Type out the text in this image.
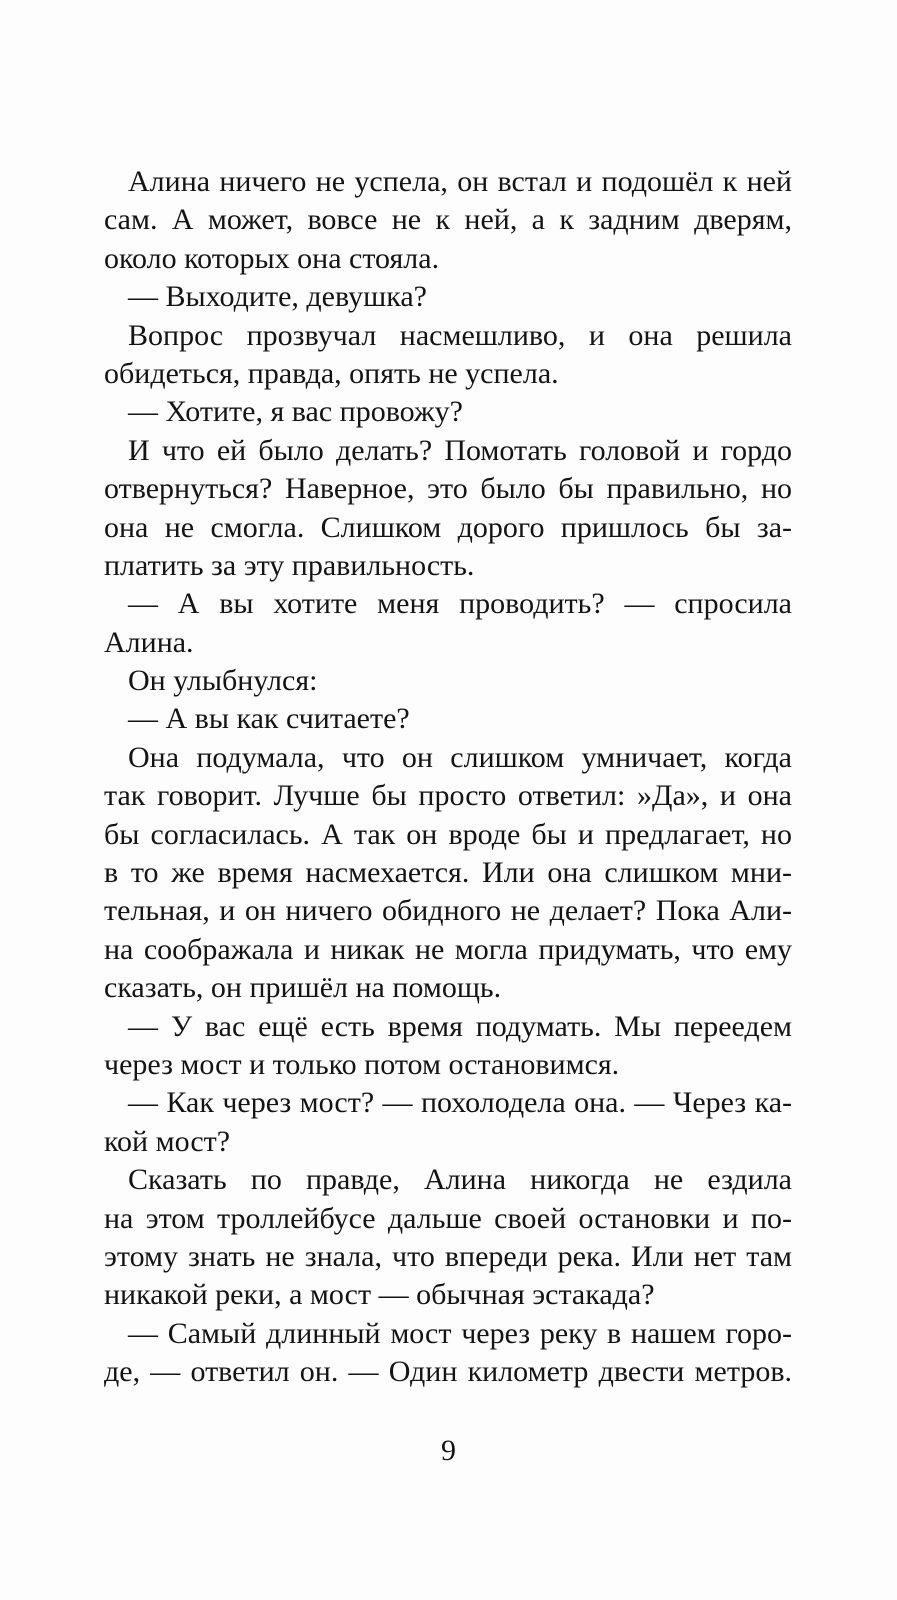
Алина ничего не успела, он встал и подошёл к ней
сам. А может, вовсе не к ней, а к задним дверям,
около которых она стояла.
— Выходите, девушка?
Вопрос прозвучал насмешливо, и она решила
обидеться, правда, опять не успела.
— Хотите, я вас провожу?
И что ей было делать? Помотать головой и гордо
отвернуться? Наверное, это было бы правильно, но
она не смогла. Слишком дорого пришлось бы за-
платить за эту правильность.
— А вы хотите меня проводить? — спросила
Алина.
Он улыбнулся:
— А вы как считаете?
Она подумала, что он слишком умничает, когда
так говорит. Лучше бы просто ответил: »Да», и она
бы согласилась. А так он вроде бы и предлагает, но
в то же время насмехается. Или она слишком мни-
тельная, и он ничего обидного не делает? Пока Али-
на соображала и никак не могла придумать, что ему
сказать, он пришёл на помощь.
— У вас ещё есть время подумать. Мы переедем
через мост и только потом остановимся.
— Как через мост? — похолодела она. — Через ка-
кой мост?
Сказать по правде, Алина никогда не ездила
на этом троллейбусе дальше своей остановки и по-
этому знать не знала, что впереди река. Или нет там
никакой реки, а мост — обычная эстакада?
— Самый длинный мост через реку в нашем горо-
де, — ответил он. — Один километр двести метров.
9
